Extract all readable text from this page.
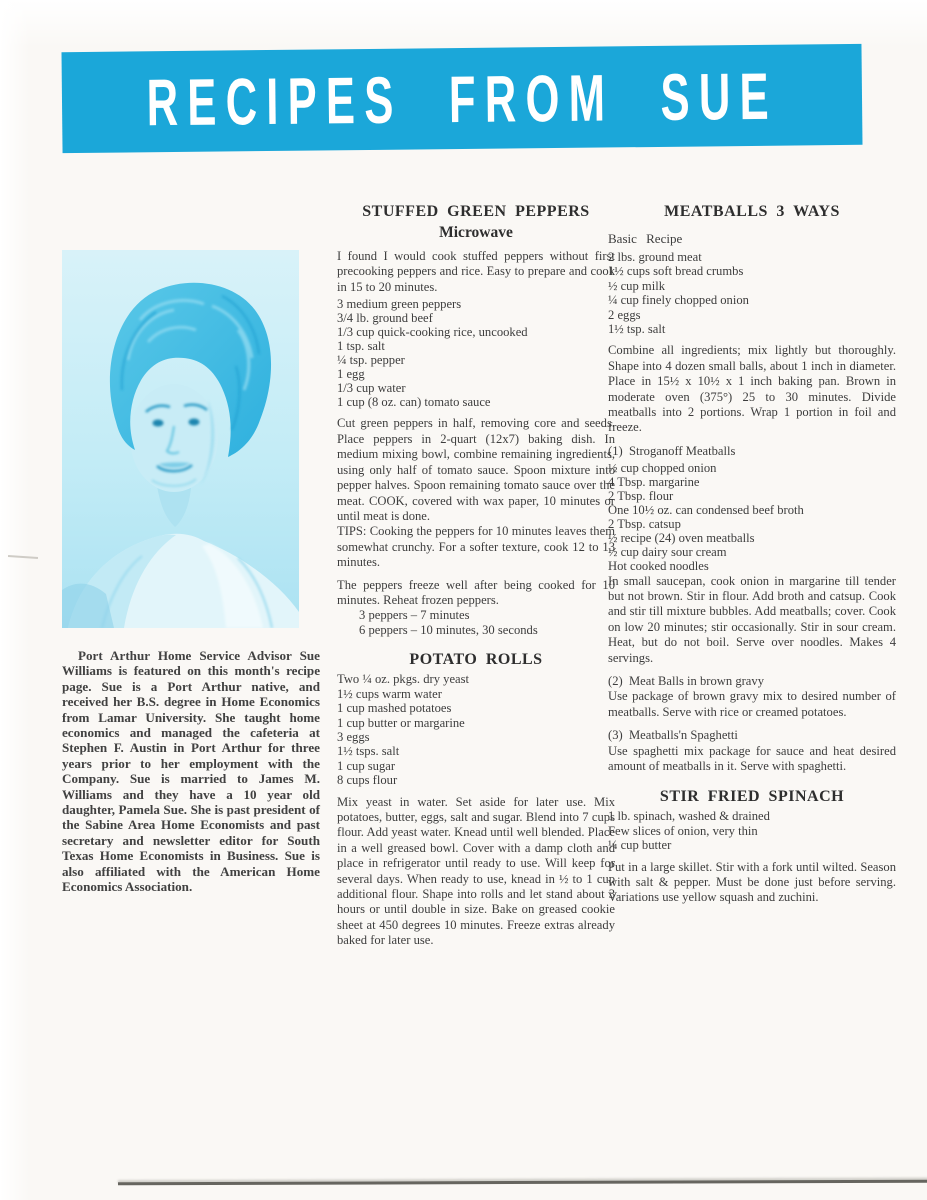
RECIPES FROM SUE

Port Arthur Home Service Advisor Sue Williams is featured on this month's recipe page. Sue is a Port Arthur native, and received her B.S. degree in Home Economics from Lamar University. She taught home economics and managed the cafeteria at Stephen F. Austin in Port Arthur for three years prior to her employment with the Company. Sue is married to James M. Williams and they have a 10 year old daughter, Pamela Sue. She is past president of the Sabine Area Home Economists and past secretary and newsletter editor for South Texas Home Economists in Business. Sue is also affiliated with the American Home Economics Association.

STUFFED GREEN PEPPERS
Microwave

I found I would cook stuffed peppers without first precooking peppers and rice. Easy to prepare and cook in 15 to 20 minutes.

3 medium green peppers
3/4 lb. ground beef
1/3 cup quick-cooking rice, uncooked
1 tsp. salt
¼ tsp. pepper
1 egg
1/3 cup water
1 cup (8 oz. can) tomato sauce

Cut green peppers in half, removing core and seeds. Place peppers in 2-quart (12x7) baking dish. In medium mixing bowl, combine remaining ingredients, using only half of tomato sauce. Spoon mixture into pepper halves. Spoon remaining tomato sauce over the meat. COOK, covered with wax paper, 10 minutes or until meat is done.

TIPS: Cooking the peppers for 10 minutes leaves them somewhat crunchy. For a softer texture, cook 12 to 13 minutes.

The peppers freeze well after being cooked for 10 minutes. Reheat frozen peppers.

3 peppers – 7 minutes
6 peppers – 10 minutes, 30 seconds
POTATO ROLLS
Two ¼ oz. pkgs. dry yeast
1½ cups warm water
1 cup mashed potatoes
1 cup butter or margarine
3 eggs
1½ tsps. salt
1 cup sugar
8 cups flour

Mix yeast in water. Set aside for later use. Mix potatoes, butter, eggs, salt and sugar. Blend into 7 cups flour. Add yeast water. Knead until well blended. Place in a well greased bowl. Cover with a damp cloth and place in refrigerator until ready to use. Will keep for several days. When ready to use, knead in ½ to 1 cup additional flour. Shape into rolls and let stand about 3 hours or until double in size. Bake on greased cookie sheet at 450 degrees 10 minutes. Freeze extras already baked for later use.

MEATBALLS 3 WAYS

Basic Recipe

2 lbs. ground meat
1½ cups soft bread crumbs
½ cup milk
¼ cup finely chopped onion
2 eggs
1½ tsp. salt

Combine all ingredients; mix lightly but thoroughly. Shape into 4 dozen small balls, about 1 inch in diameter. Place in 15½ x 10½ x 1 inch baking pan. Brown in moderate oven (375°) 25 to 30 minutes. Divide meatballs into 2 portions. Wrap 1 portion in foil and freeze.

(1)  Stroganoff Meatballs

½ cup chopped onion
4 Tbsp. margarine
2 Tbsp. flour
One 10½ oz. can condensed beef broth
2 Tbsp. catsup
½ recipe (24) oven meatballs
½ cup dairy sour cream
Hot cooked noodles

In small saucepan, cook onion in margarine till tender but not brown. Stir in flour. Add broth and catsup. Cook and stir till mixture bubbles. Add meatballs; cover. Cook on low 20 minutes; stir occasionally. Stir in sour cream. Heat, but do not boil. Serve over noodles. Makes 4 servings.

(2)  Meat Balls in brown gravy

Use package of brown gravy mix to desired number of meatballs. Serve with rice or creamed potatoes.

(3)  Meatballs'n Spaghetti

Use spaghetti mix package for sauce and heat desired amount of meatballs in it. Serve with spaghetti.

STIR FRIED SPINACH
1 lb. spinach, washed & drained
Few slices of onion, very thin
¼ cup butter

Put in a large skillet. Stir with a fork until wilted. Season with salt & pepper. Must be done just before serving. Variations use yellow squash and zuchini.
